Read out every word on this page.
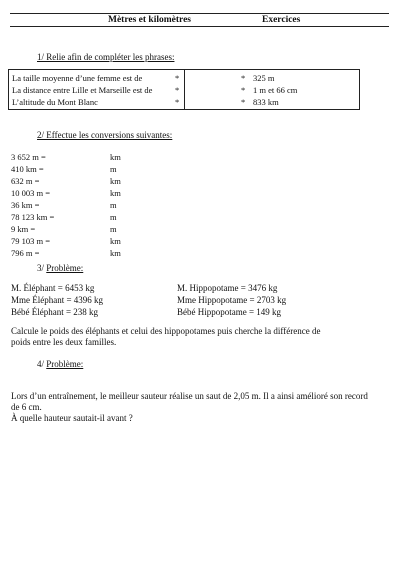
Mètres et kilomètres	Exercices
1/ Relie afin de compléter les phrases:
La taille moyenne d’une femme est de
La distance entre Lille et Marseille est de
L’altitude du Mont Blanc
*
*
*
*
*
*
325 m
1 m et 66 cm
833 km
2/ Effectue les conversions suivantes:
3 652 m =
410 km =
632 m =
10 003 m =
36 km =
78 123 km =
9 km =
79 103 m =
796 m =
km
m
km
km
m
m
m
km
km
3/ Problème:
M. Éléphant = 6453 kg
Mme Éléphant = 4396 kg
Bébé Éléphant = 238 kg
M. Hippopotame = 3476 kg
Mme Hippopotame = 2703 kg
Bébé Hippopotame = 149 kg
Calcule le poids des éléphants et celui des hippopotames puis cherche la différence de
poids entre les deux familles.
4/ Problème:
Lors d’un entraînement, le meilleur sauteur réalise un saut de 2,05 m. Il a ainsi amélioré son record
de 6 cm.
À quelle hauteur sautait-il avant ?
